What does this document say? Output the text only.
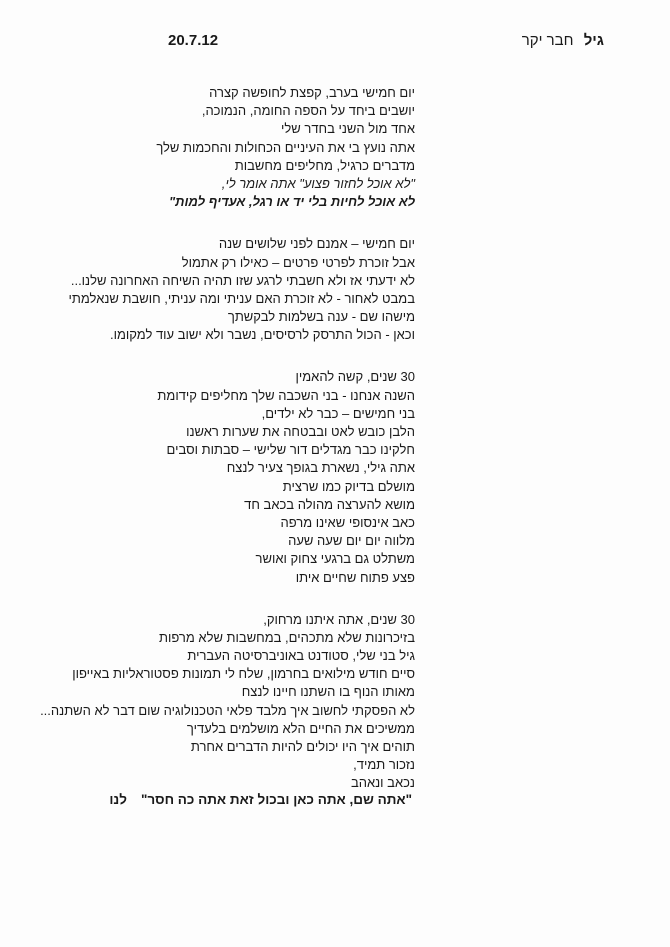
20.7.12	גיל חבר יקר
יום חמישי בערב, קפצת לחופשה קצרה
יושבים ביחד על הספה החומה, הנמוכה,
אחד מול השני בחדר שלי
אתה נועץ בי את העיניים הכחולות והחכמות שלך
מדברים כרגיל, מחליפים מחשבות
"לא אוכל לחזור פצוע" אתה אומר לי,
לא אוכל לחיות בלי יד או רגל, אעדיף למות"
יום חמישי – אמנם לפני שלושים שנה
אבל זוכרת לפרטי פרטים – כאילו רק אתמול
לא ידעתי אז ולא חשבתי לרגע שזו תהיה השיחה האחרונה שלנו...
במבט לאחור - לא זוכרת האם עניתי ומה עניתי, חושבת שנאלמתי
מישהו שם - ענה בשלמות לבקשתך
וכאן - הכול התרסק לרסיסים, נשבר ולא ישוב עוד למקומו.
30 שנים, קשה להאמין
השנה אנחנו - בני השכבה שלך מחליפים קידומת
בני חמישים – כבר לא ילדים,
הלבן כובש לאט ובבטחה את שערות ראשנו
חלקינו כבר מגדלים דור שלישי – סבתות וסבים
אתה גילי, נשארת בגופך צעיר לנצח
מושלם בדיוק כמו שרצית
מושא להערצה מהולה בכאב חד
כאב אינסופי שאינו מרפה
מלווה יום יום שעה שעה
משתלט גם ברגעי צחוק ואושר
פצע פתוח שחיים איתו
30 שנים, אתה איתנו מרחוק,
בזיכרונות שלא מתכהים, במחשבות שלא מרפות
גיל בני שלי, סטודנט באוניברסיטה העברית
סיים חודש מילואים בחרמון, שלח לי תמונות פסטוראליות באייפון
מאותו הנוף בו השתנו חיינו לנצח
לא הפסקתי לחשוב איך מלבד פלאי הטכנולוגיה שום דבר לא השתנה...
ממשיכים את החיים הלא מושלמים בלעדיך
תוהים איך היו יכולים להיות הדברים אחרת
נזכור תמיד,
נכאב ונאהב
"אתה שם, אתה כאן ובכול זאת אתה כה חסר"לנו
